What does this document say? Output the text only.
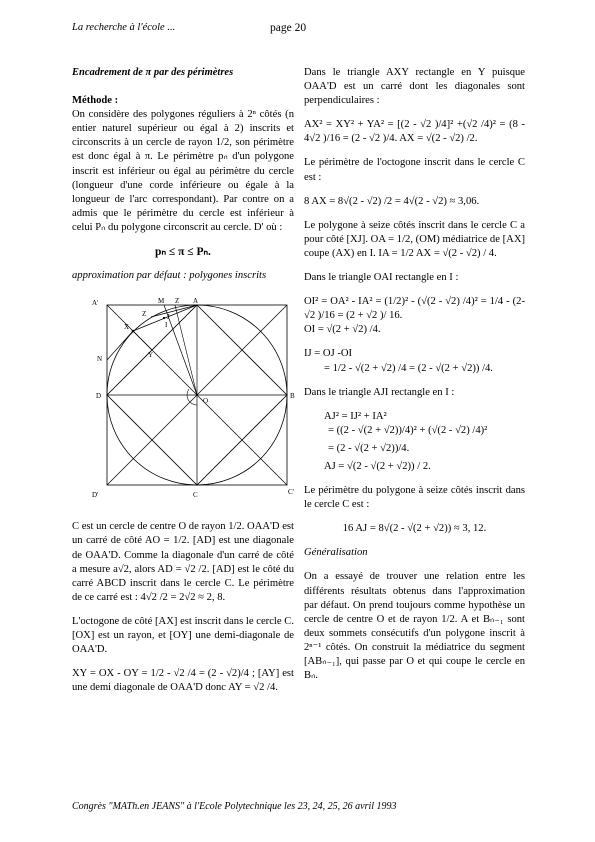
La recherche à l'école ...	page 20

Encadrement de π par des périmètres

Méthode :

On considère des polygones réguliers à 2ⁿ côtés (n entier naturel supérieur ou égal à 2) inscrits et circonscrits à un cercle de rayon 1/2, son périmètre est donc égal à π. Le périmètre pₙ d'un polygone inscrit est inférieur ou égal au périmètre du cercle (longueur d'une corde inférieure ou égale à la longueur de l'arc correspondant). Par contre on a admis que le périmètre du cercle est inférieur à celui Pₙ du polygone circonscrit au cercle. D' où :

pₙ ≤ π ≤ Pₙ.

approximation par défaut : polygones inscrits

A'	M Z A
Z	J
I
X
Y
N
D
O
B
D'	C	C'

C est un cercle de centre O de rayon 1/2. OAA'D est un carré de côté AO = 1/2. [AD] est une diagonale de OAA'D. Comme la diagonale d'un carré de côté a mesure a√2, alors AD = √2 /2. [AD] est le côté du carré ABCD inscrit dans le cercle C. Le périmètre de ce carré est : 4√2 /2 = 2√2 ≈ 2, 8.

L'octogone de côté [AX] est inscrit dans le cercle C. [OX] est un rayon, et [OY] une demi-diagonale de OAA'D.

XY = OX - OY = 1/2 - √2 /4 = (2 - √2)/4 ; [AY] est une demi diagonale de OAA'D donc AY = √2 /4.

Dans le triangle AXY rectangle en Y puisque OAA'D est un carré dont les diagonales sont perpendiculaires :

AX² = XY² + YA² = [(2 - √2 )/4]² +(√2 /4)² = (8 - 4√2 )/16 = (2 - √2 )/4. AX = √(2 - √2) /2.

Le périmètre de l'octogone inscrit dans le cercle C est :

8 AX = 8√(2 - √2) /2 = 4√(2 - √2) ≈ 3,06.

Le polygone à seize côtés inscrit dans le cercle C a pour côté [XJ]. OA = 1/2, (OM) médiatrice de [AX] coupe (AX) en I. IA = 1/2 AX = √(2 - √2) / 4.

Dans le triangle OAI rectangle en I :

OI² = OA² - IA² = (1/2)² - (√(2 - √2) /4)² = 1/4 - (2-√2 )/16 = (2 + √2 )/ 16.

OI = √(2 + √2) /4.

IJ = OJ -OI

= 1/2 - √(2 + √2) /4 = (2 - √(2 + √2)) /4.

Dans le triangle AJI rectangle en I :

AJ² = IJ² + IA²

= ((2 - √(2 + √2))/4)² + (√(2 - √2) /4)²

= (2 - √(2 + √2))/4.

AJ = √(2 - √(2 + √2)) / 2.

Le périmètre du polygone à seize côtés inscrit dans le cercle C est :

16 AJ = 8√(2 - √(2 + √2)) ≈ 3, 12.

Généralisation

On a essayé de trouver une relation entre les différents résultats obtenus dans l'approximation par défaut. On prend toujours comme hypothèse un cercle de centre O et de rayon 1/2. A et Bₙ₋₁ sont deux sommets consécutifs d'un polygone inscrit à 2ⁿ⁻¹ côtés. On construit la médiatrice du segment [ABₙ₋₁], qui passe par O et qui coupe le cercle en Bₙ.

Congrès "MATh.en JEANS" à l'Ecole Polytechnique les 23, 24, 25, 26 avril 1993
